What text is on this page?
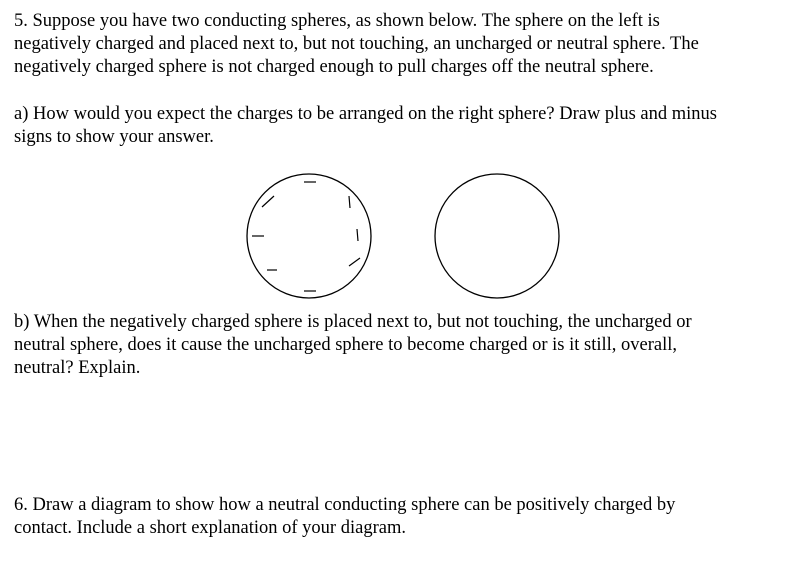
5. Suppose you have two conducting spheres, as shown below. The sphere on the left is
negatively charged and placed next to, but not touching, an uncharged or neutral sphere. The
negatively charged sphere is not charged enough to pull charges off the neutral sphere.

a) How would you expect the charges to be arranged on the right sphere? Draw plus and minus
signs to show your answer.

b) When the negatively charged sphere is placed next to, but not touching, the uncharged or
neutral sphere, does it cause the uncharged sphere to become charged or is it still, overall,
neutral? Explain.

6. Draw a diagram to show how a neutral conducting sphere can be positively charged by
contact. Include a short explanation of your diagram.
